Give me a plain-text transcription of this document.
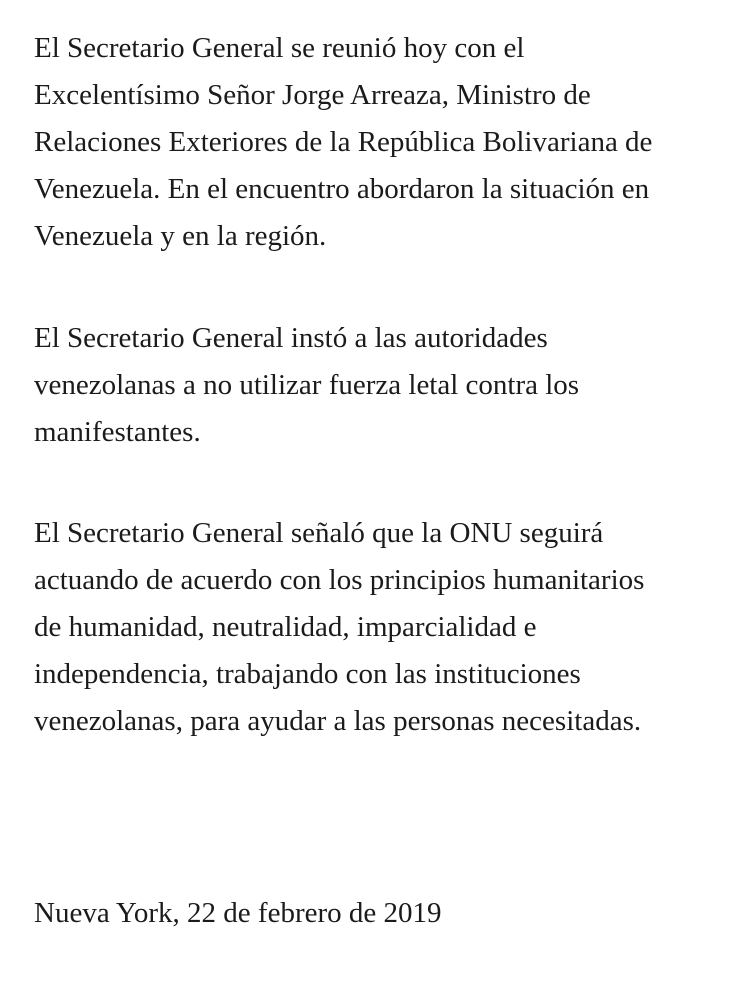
El Secretario General se reunió hoy con el
Excelentísimo Señor Jorge Arreaza, Ministro de
Relaciones Exteriores de la República Bolivariana de
Venezuela. En el encuentro abordaron la situación en
Venezuela y en la región.

El Secretario General instó a las autoridades
venezolanas a no utilizar fuerza letal contra los
manifestantes.

El Secretario General señaló que la ONU seguirá
actuando de acuerdo con los principios humanitarios
de humanidad, neutralidad, imparcialidad e
independencia, trabajando con las instituciones
venezolanas, para ayudar a las personas necesitadas.

Nueva York, 22 de febrero de 2019
